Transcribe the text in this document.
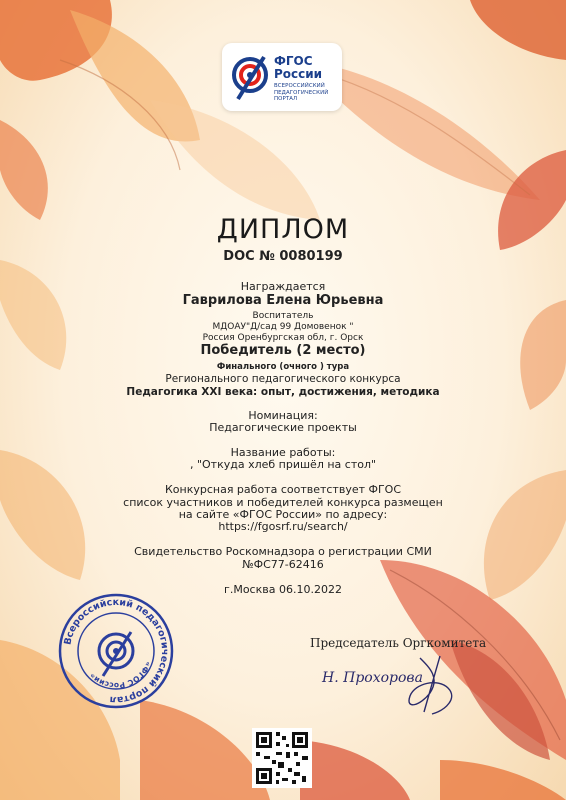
ФГОС
России
ВСЕРОССИЙСКИЙ ПЕДАГОГИЧЕСКИЙ ПОРТАЛ
ДИПЛОМ
DOC № 0080199
Награждается
Гаврилова Елена Юрьевна
Воспитатель
МДОАУ"Д/сад 99 Домовенок "
Россия Оренбургская обл, г. Орск
Победитель (2 место)
Финального (очного ) тура
Регионального педагогического конкурса
Педагогика XXI века: опыт, достижения, методика
Номинация:
Педагогические проекты
Название работы:
, "Откуда хлеб пришёл на стол"
Конкурсная работа соответствует ФГОС
список участников и победителей конкурса размещен
на сайте «ФГОС России» по адресу:
https://fgosrf.ru/search/
Свидетельство Роскомнадзора о регистрации СМИ
№ФС77-62416
г.Москва 06.10.2022
Всероссийский педагогический портал
«ФГОС России»
Председатель Оргкомитета
Н. Прохорова
